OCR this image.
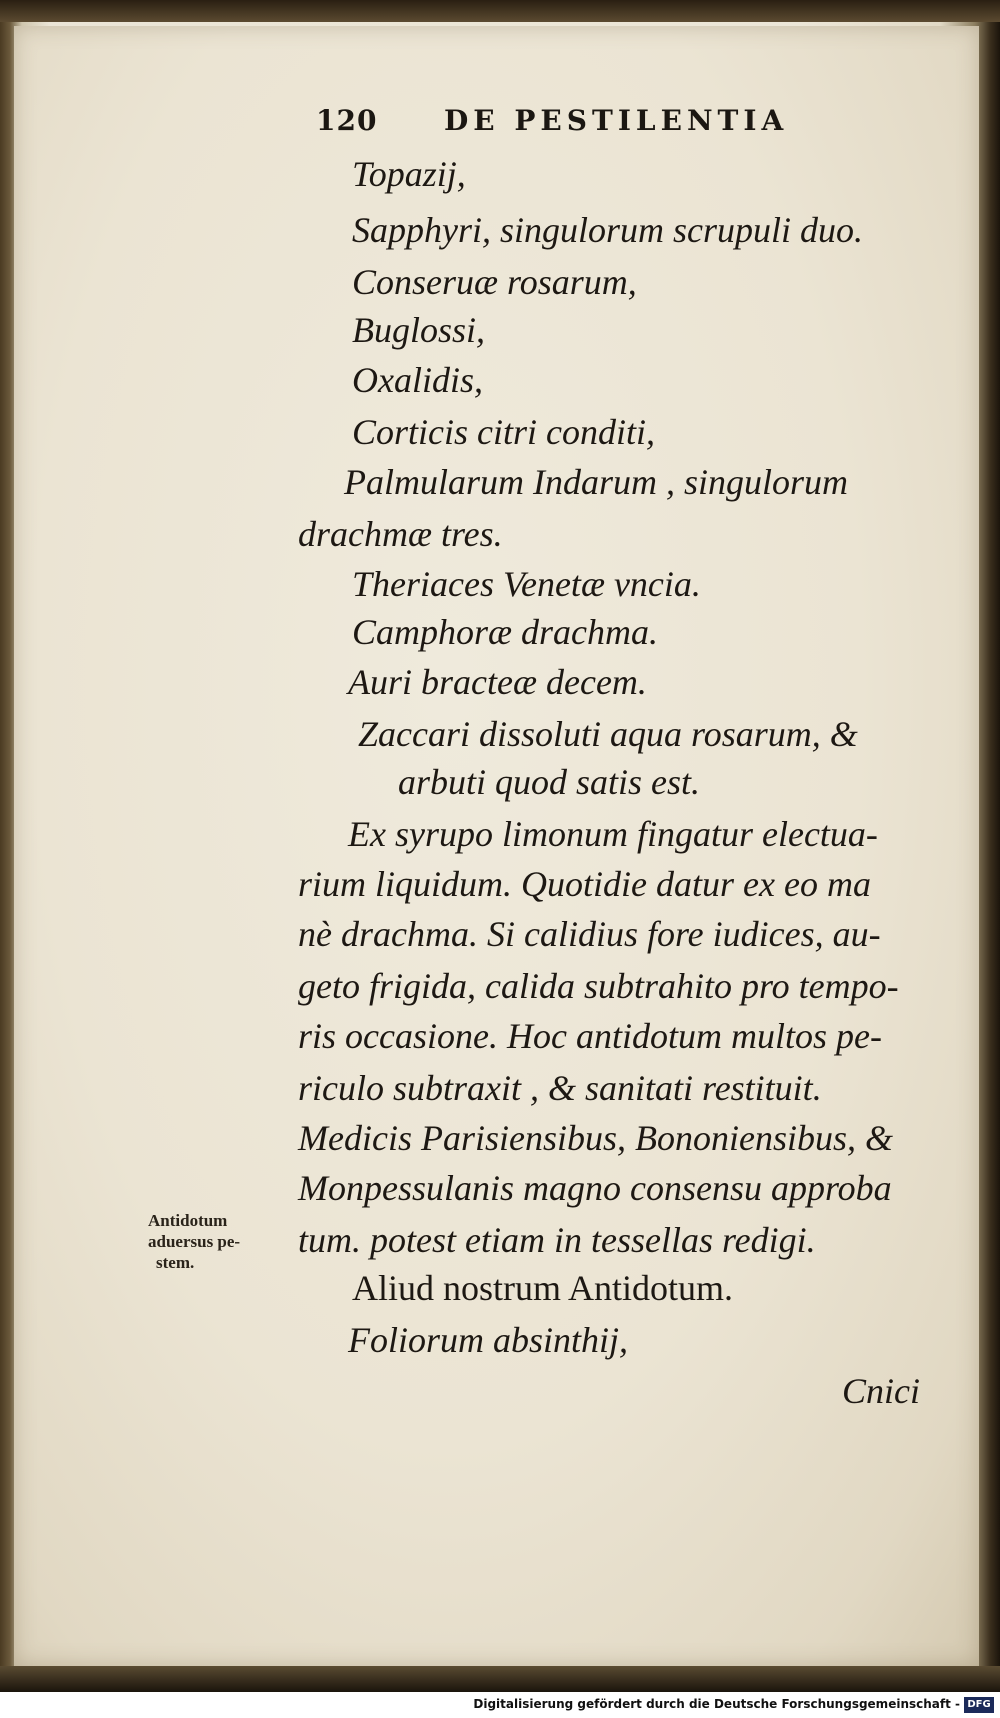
120 DE PESTILENTIA
Topazij,
Sapphyri, singulorum scrupuli duo.
Conseruæ rosarum,
Buglossi,
Oxalidis,
Corticis citri conditi,
Palmularum Indarum , singulorum
drachmæ tres.
Theriaces Venetæ vncia.
Camphoræ drachma.
Auri bracteæ decem.
Zaccari dissoluti aqua rosarum, &
arbuti quod satis est.
Ex syrupo limonum fingatur electua-
rium liquidum. Quotidie datur ex eo ma
nè drachma. Si calidius fore iudices, au-
geto frigida, calida subtrahito pro tempo-
ris occasione. Hoc antidotum multos pe-
riculo subtraxit , & sanitati restituit.
Medicis Parisiensibus, Bononiensibus, &
Monpessulanis magno consensu approba
tum. potest etiam in tessellas redigi.
Aliud nostrum Antidotum.
Foliorum absinthij,
Antidotum
aduersus pe-
stem.
Cnici
Digitalisierung gefördert durch die Deutsche Forschungsgemeinschaft - DFG
